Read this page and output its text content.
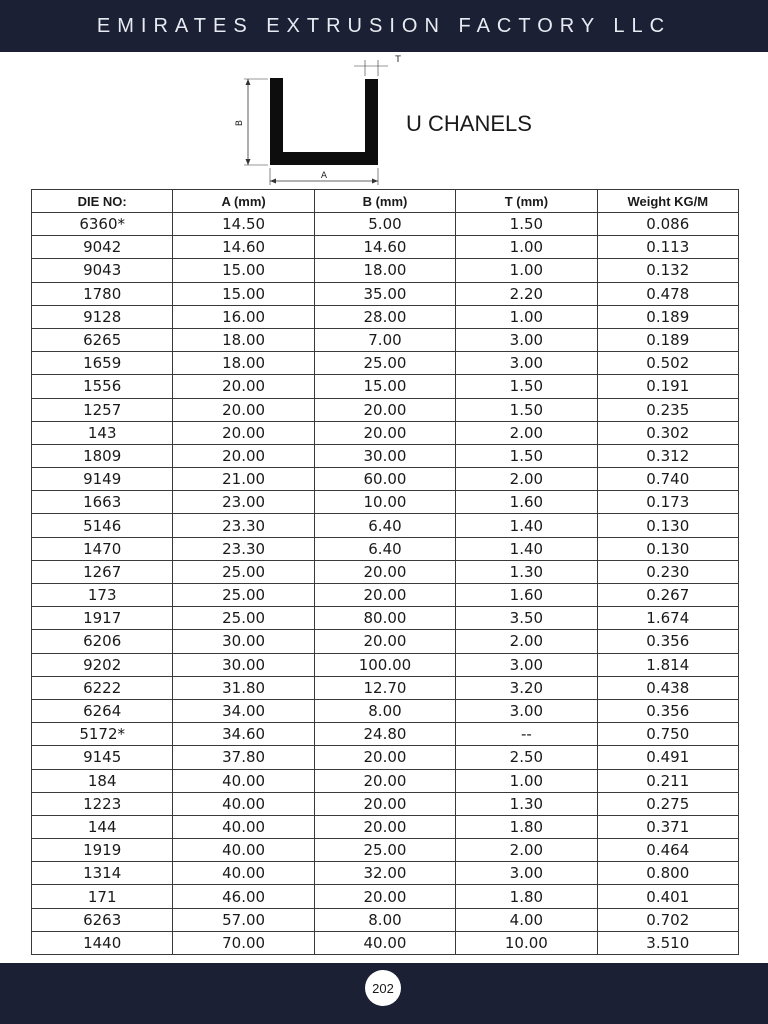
EMIRATES EXTRUSION FACTORY LLC
B
A
T
U CHANELS
DIE NO:	A (mm)	B (mm)	T (mm)	Weight KG/M
6360*	14.50	5.00	1.50	0.086
9042	14.60	14.60	1.00	0.113
9043	15.00	18.00	1.00	0.132
1780	15.00	35.00	2.20	0.478
9128	16.00	28.00	1.00	0.189
6265	18.00	7.00	3.00	0.189
1659	18.00	25.00	3.00	0.502
1556	20.00	15.00	1.50	0.191
1257	20.00	20.00	1.50	0.235
143	20.00	20.00	2.00	0.302
1809	20.00	30.00	1.50	0.312
9149	21.00	60.00	2.00	0.740
1663	23.00	10.00	1.60	0.173
5146	23.30	6.40	1.40	0.130
1470	23.30	6.40	1.40	0.130
1267	25.00	20.00	1.30	0.230
173	25.00	20.00	1.60	0.267
1917	25.00	80.00	3.50	1.674
6206	30.00	20.00	2.00	0.356
9202	30.00	100.00	3.00	1.814
6222	31.80	12.70	3.20	0.438
6264	34.00	8.00	3.00	0.356
5172*	34.60	24.80	--	0.750
9145	37.80	20.00	2.50	0.491
184	40.00	20.00	1.00	0.211
1223	40.00	20.00	1.30	0.275
144	40.00	20.00	1.80	0.371
1919	40.00	25.00	2.00	0.464
1314	40.00	32.00	3.00	0.800
171	46.00	20.00	1.80	0.401
6263	57.00	8.00	4.00	0.702
1440	70.00	40.00	10.00	3.510
202
